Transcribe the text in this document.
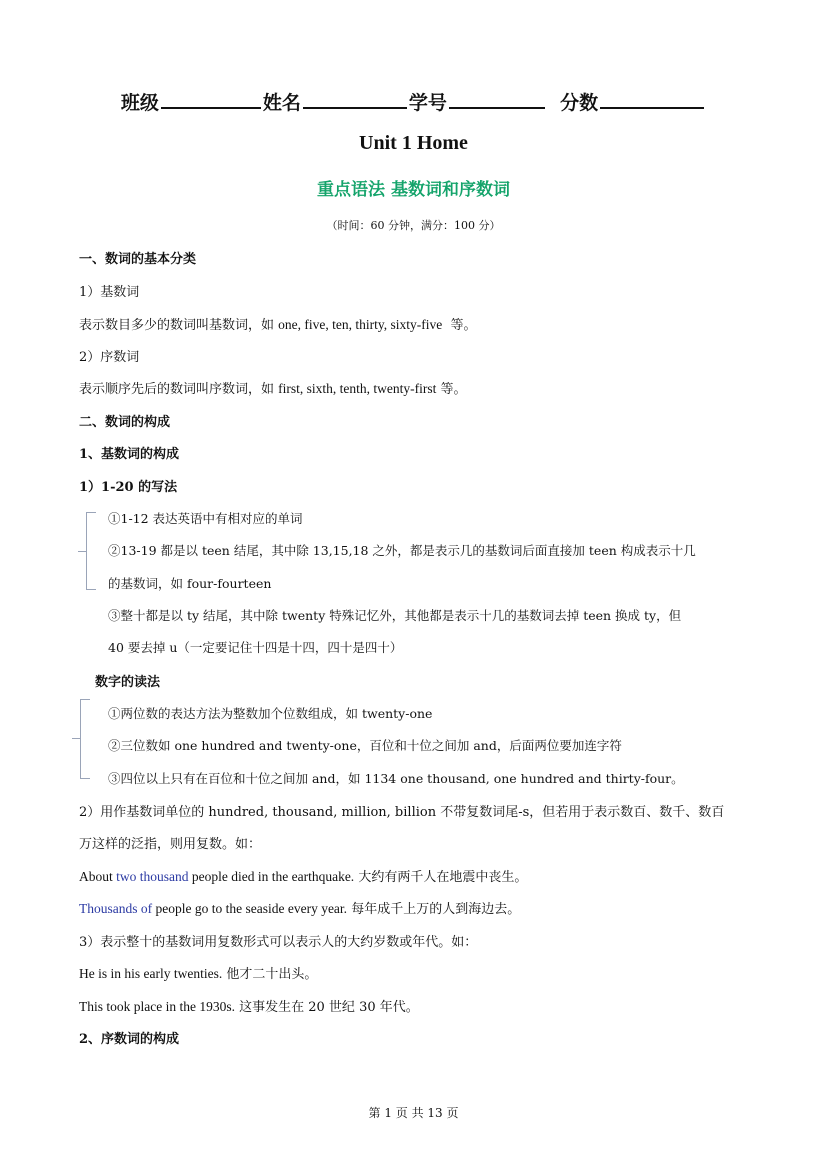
班级	姓名	学号	分数
Unit 1 Home
重点语法 基数词和序数词
（时间：60 分钟，满分：100 分）
一、数词的基本分类
1）基数词
表示数目多少的数词叫基数词，如 one, five, ten, thirty, sixty-five 等。
2）序数词
表示顺序先后的数词叫序数词，如 first, sixth, tenth, twenty-first 等。
二、数词的构成
1、基数词的构成
1）1-20 的写法
①1-12 表达英语中有相对应的单词
②13-19 都是以 teen 结尾，其中除 13,15,18 之外，都是表示几的基数词后面直接加 teen 构成表示十几
的基数词，如 four-fourteen
③整十都是以 ty 结尾，其中除 twenty 特殊记忆外，其他都是表示十几的基数词去掉 teen 换成 ty，但
40 要去掉 u（一定要记住十四是十四，四十是四十）
数字的读法
①两位数的表达方法为整数加个位数组成，如 twenty-one
②三位数如 one hundred and twenty-one，百位和十位之间加 and，后面两位要加连字符
③四位以上只有在百位和十位之间加 and，如 1134 one thousand, one hundred and thirty-four。
2）用作基数词单位的 hundred, thousand, million, billion 不带复数词尾-s，但若用于表示数百、数千、数百
万这样的泛指，则用复数。如：
About two thousand people died in the earthquake. 大约有两千人在地震中丧生。
Thousands of people go to the seaside every year. 每年成千上万的人到海边去。
3）表示整十的基数词用复数形式可以表示人的大约岁数或年代。如：
He is in his early twenties. 他才二十出头。
This took place in the 1930s. 这事发生在 20 世纪 30 年代。
2、序数词的构成
第 1 页 共 13 页
